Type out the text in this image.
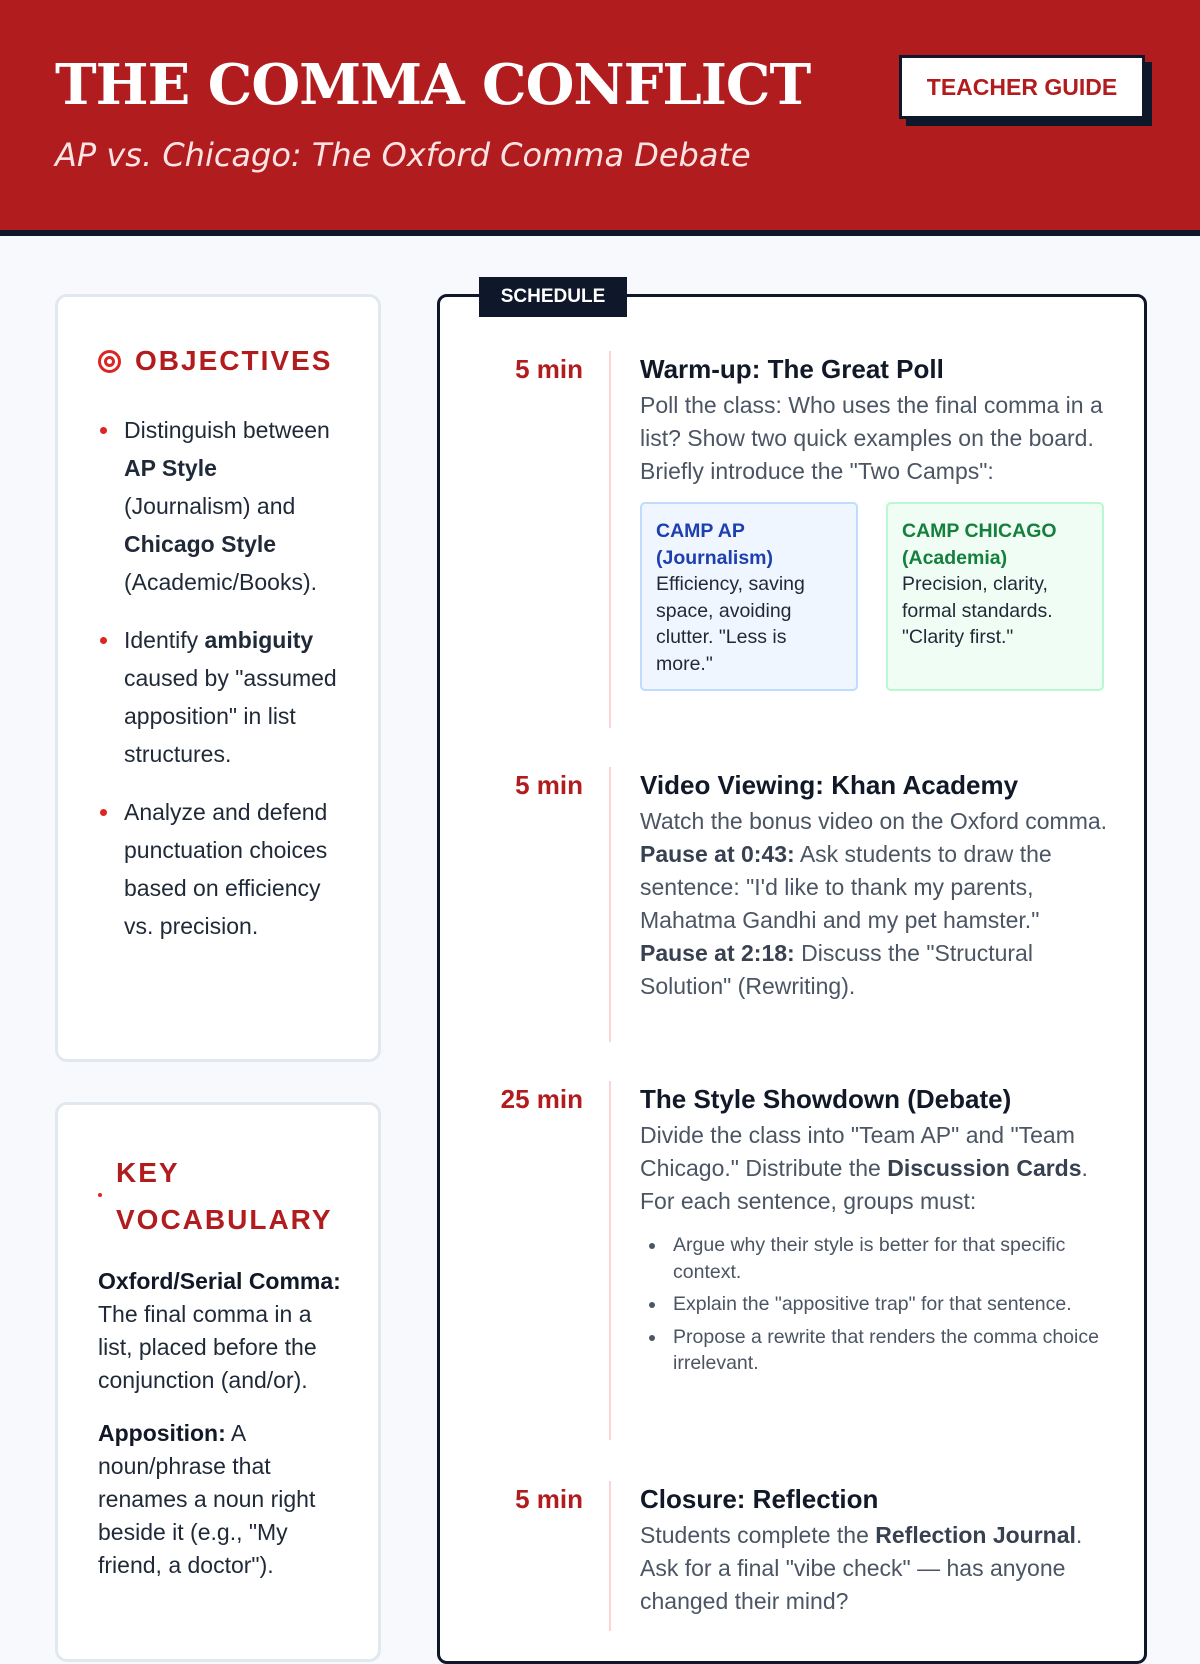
THE COMMA CONFLICT
AP vs. Chicago: The Oxford Comma Debate
TEACHER GUIDE
OBJECTIVES
Distinguish between AP Style (Journalism) and Chicago Style (Academic/Books).
Identify ambiguity caused by "assumed apposition" in list structures.
Analyze and defend punctuation choices based on efficiency vs. precision.
KEY VOCABULARY

Oxford/Serial Comma: The final comma in a list, placed before the conjunction (and/or).

Apposition: A noun/phrase that renames a noun right beside it (e.g., "My friend, a doctor").

SCHEDULE
5 min Warm-up: The Great Poll

Poll the class: Who uses the final comma in a list? Show two quick examples on the board. Briefly introduce the "Two Camps":

CAMP AP (Journalism)
Efficiency, saving space, avoiding clutter. "Less is more."
CAMP CHICAGO (Academia)
Precision, clarity, formal standards. "Clarity first."
5 min Video Viewing: Khan Academy

Watch the bonus video on the Oxford comma.
Pause at 0:43: Ask students to draw the sentence: "I'd like to thank my parents, Mahatma Gandhi and my pet hamster."
Pause at 2:18: Discuss the "Structural Solution" (Rewriting).

25 min The Style Showdown (Debate)

Divide the class into "Team AP" and "Team Chicago." Distribute the Discussion Cards. For each sentence, groups must:

Argue why their style is better for that specific context.
Explain the "appositive trap" for that sentence.
Propose a rewrite that renders the comma choice irrelevant.
5 min Closure: Reflection

Students complete the Reflection Journal. Ask for a final "vibe check" — has anyone changed their mind?
